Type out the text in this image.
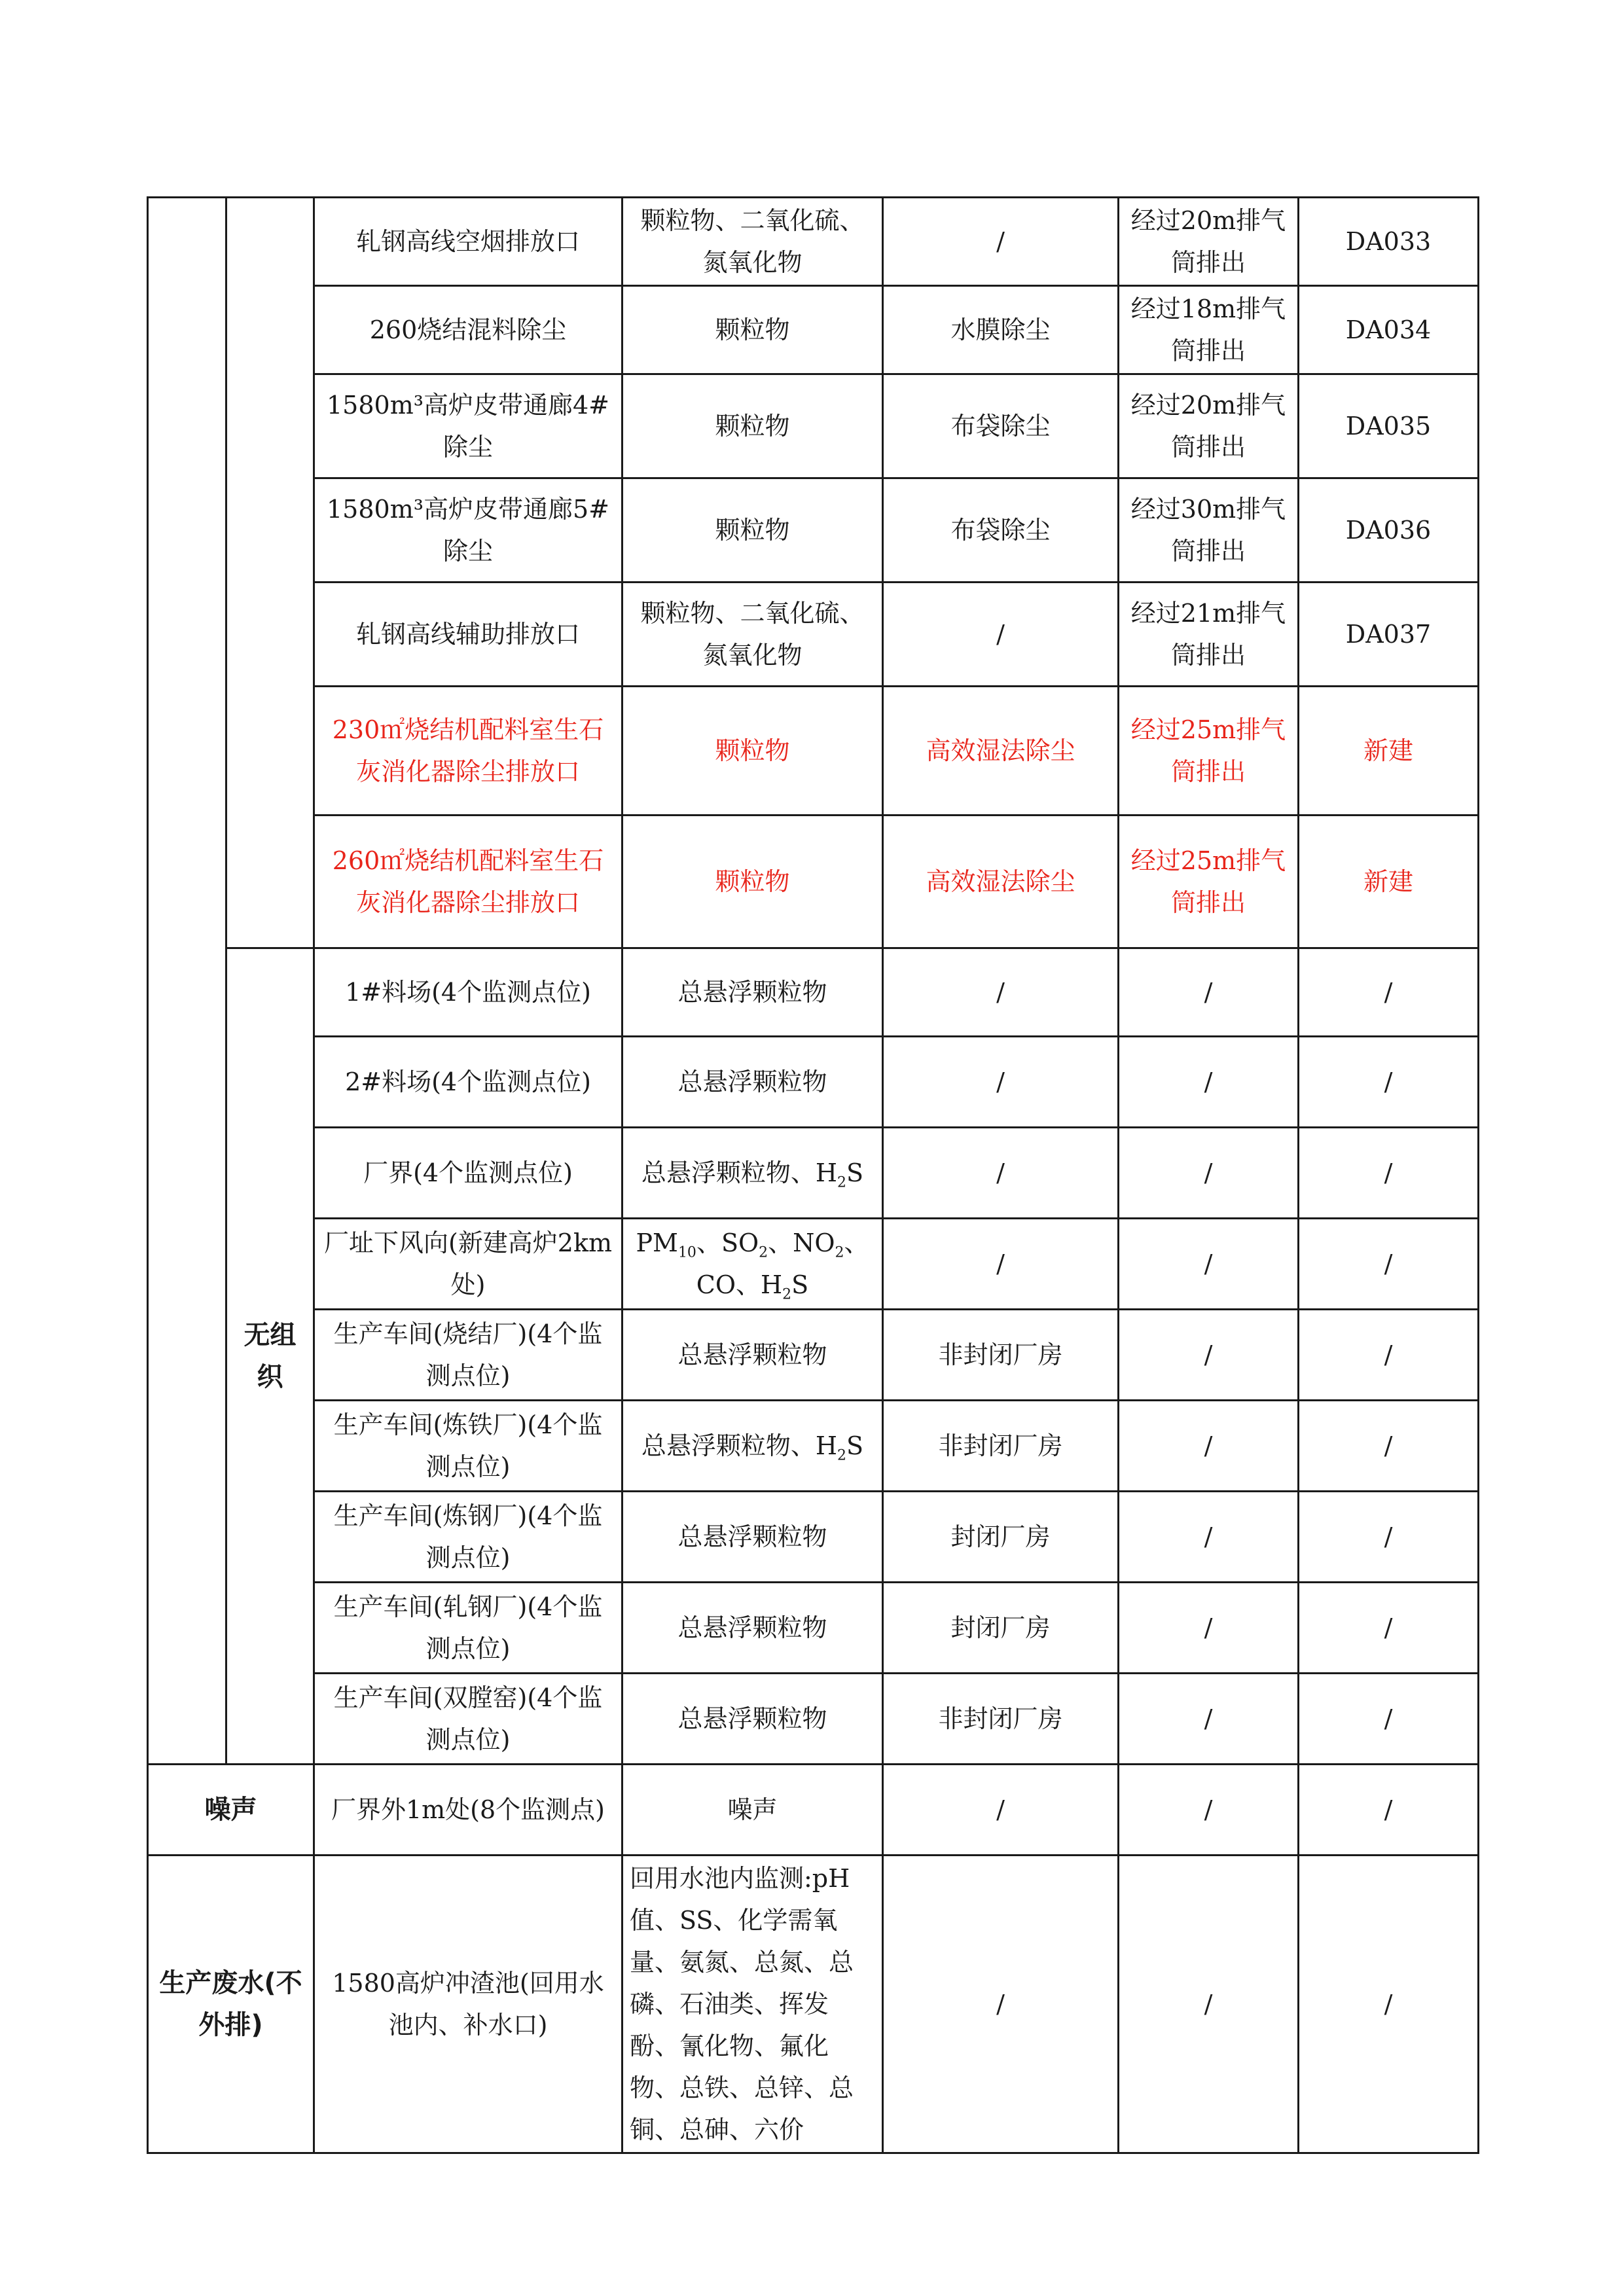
		轧钢高线空烟排放口	颗粒物、二氧化硫、氮氧化物	/	经过20m排气筒排出	DA033
		260烧结混料除尘	颗粒物	水膜除尘	经过18m排气筒排出	DA034
		1580m³高炉皮带通廊4#除尘	颗粒物	布袋除尘	经过20m排气筒排出	DA035
		1580m³高炉皮带通廊5#除尘	颗粒物	布袋除尘	经过30m排气筒排出	DA036
		轧钢高线辅助排放口	颗粒物、二氧化硫、氮氧化物	/	经过21m排气筒排出	DA037
		230㎡烧结机配料室生石灰消化器除尘排放口	颗粒物	高效湿法除尘	经过25m排气筒排出	新建
		260㎡烧结机配料室生石灰消化器除尘排放口	颗粒物	高效湿法除尘	经过25m排气筒排出	新建
	无组织	1#料场(4个监测点位)	总悬浮颗粒物	/	/	/
		2#料场(4个监测点位)	总悬浮颗粒物	/	/	/
		厂界(4个监测点位)	总悬浮颗粒物、$H_2S$	/	/	/
		厂址下风向(新建高炉2km处)	$PM_{10}$、$SO_2$、$NO_2$、CO、$H_2S$	/	/	/
		生产车间(烧结厂)(4个监测点位)	总悬浮颗粒物	非封闭厂房	/	/
		生产车间(炼铁厂)(4个监测点位)	总悬浮颗粒物、$H_2S$	非封闭厂房	/	/
		生产车间(炼钢厂)(4个监测点位)	总悬浮颗粒物	封闭厂房	/	/
		生产车间(轧钢厂)(4个监测点位)	总悬浮颗粒物	封闭厂房	/	/
		生产车间(双膛窑)(4个监测点位)	总悬浮颗粒物	非封闭厂房	/	/
噪声		厂界外1m处(8个监测点)	噪声	/	/	/
生产废水(不外排)		1580高炉冲渣池(回用水池内、补水口)	回用水池内监测:pH值、SS、化学需氧量、氨氮、总氮、总磷、石油类、挥发酚、氰化物、氟化物、总铁、总锌、总铜、总砷、六价	/	/	/
